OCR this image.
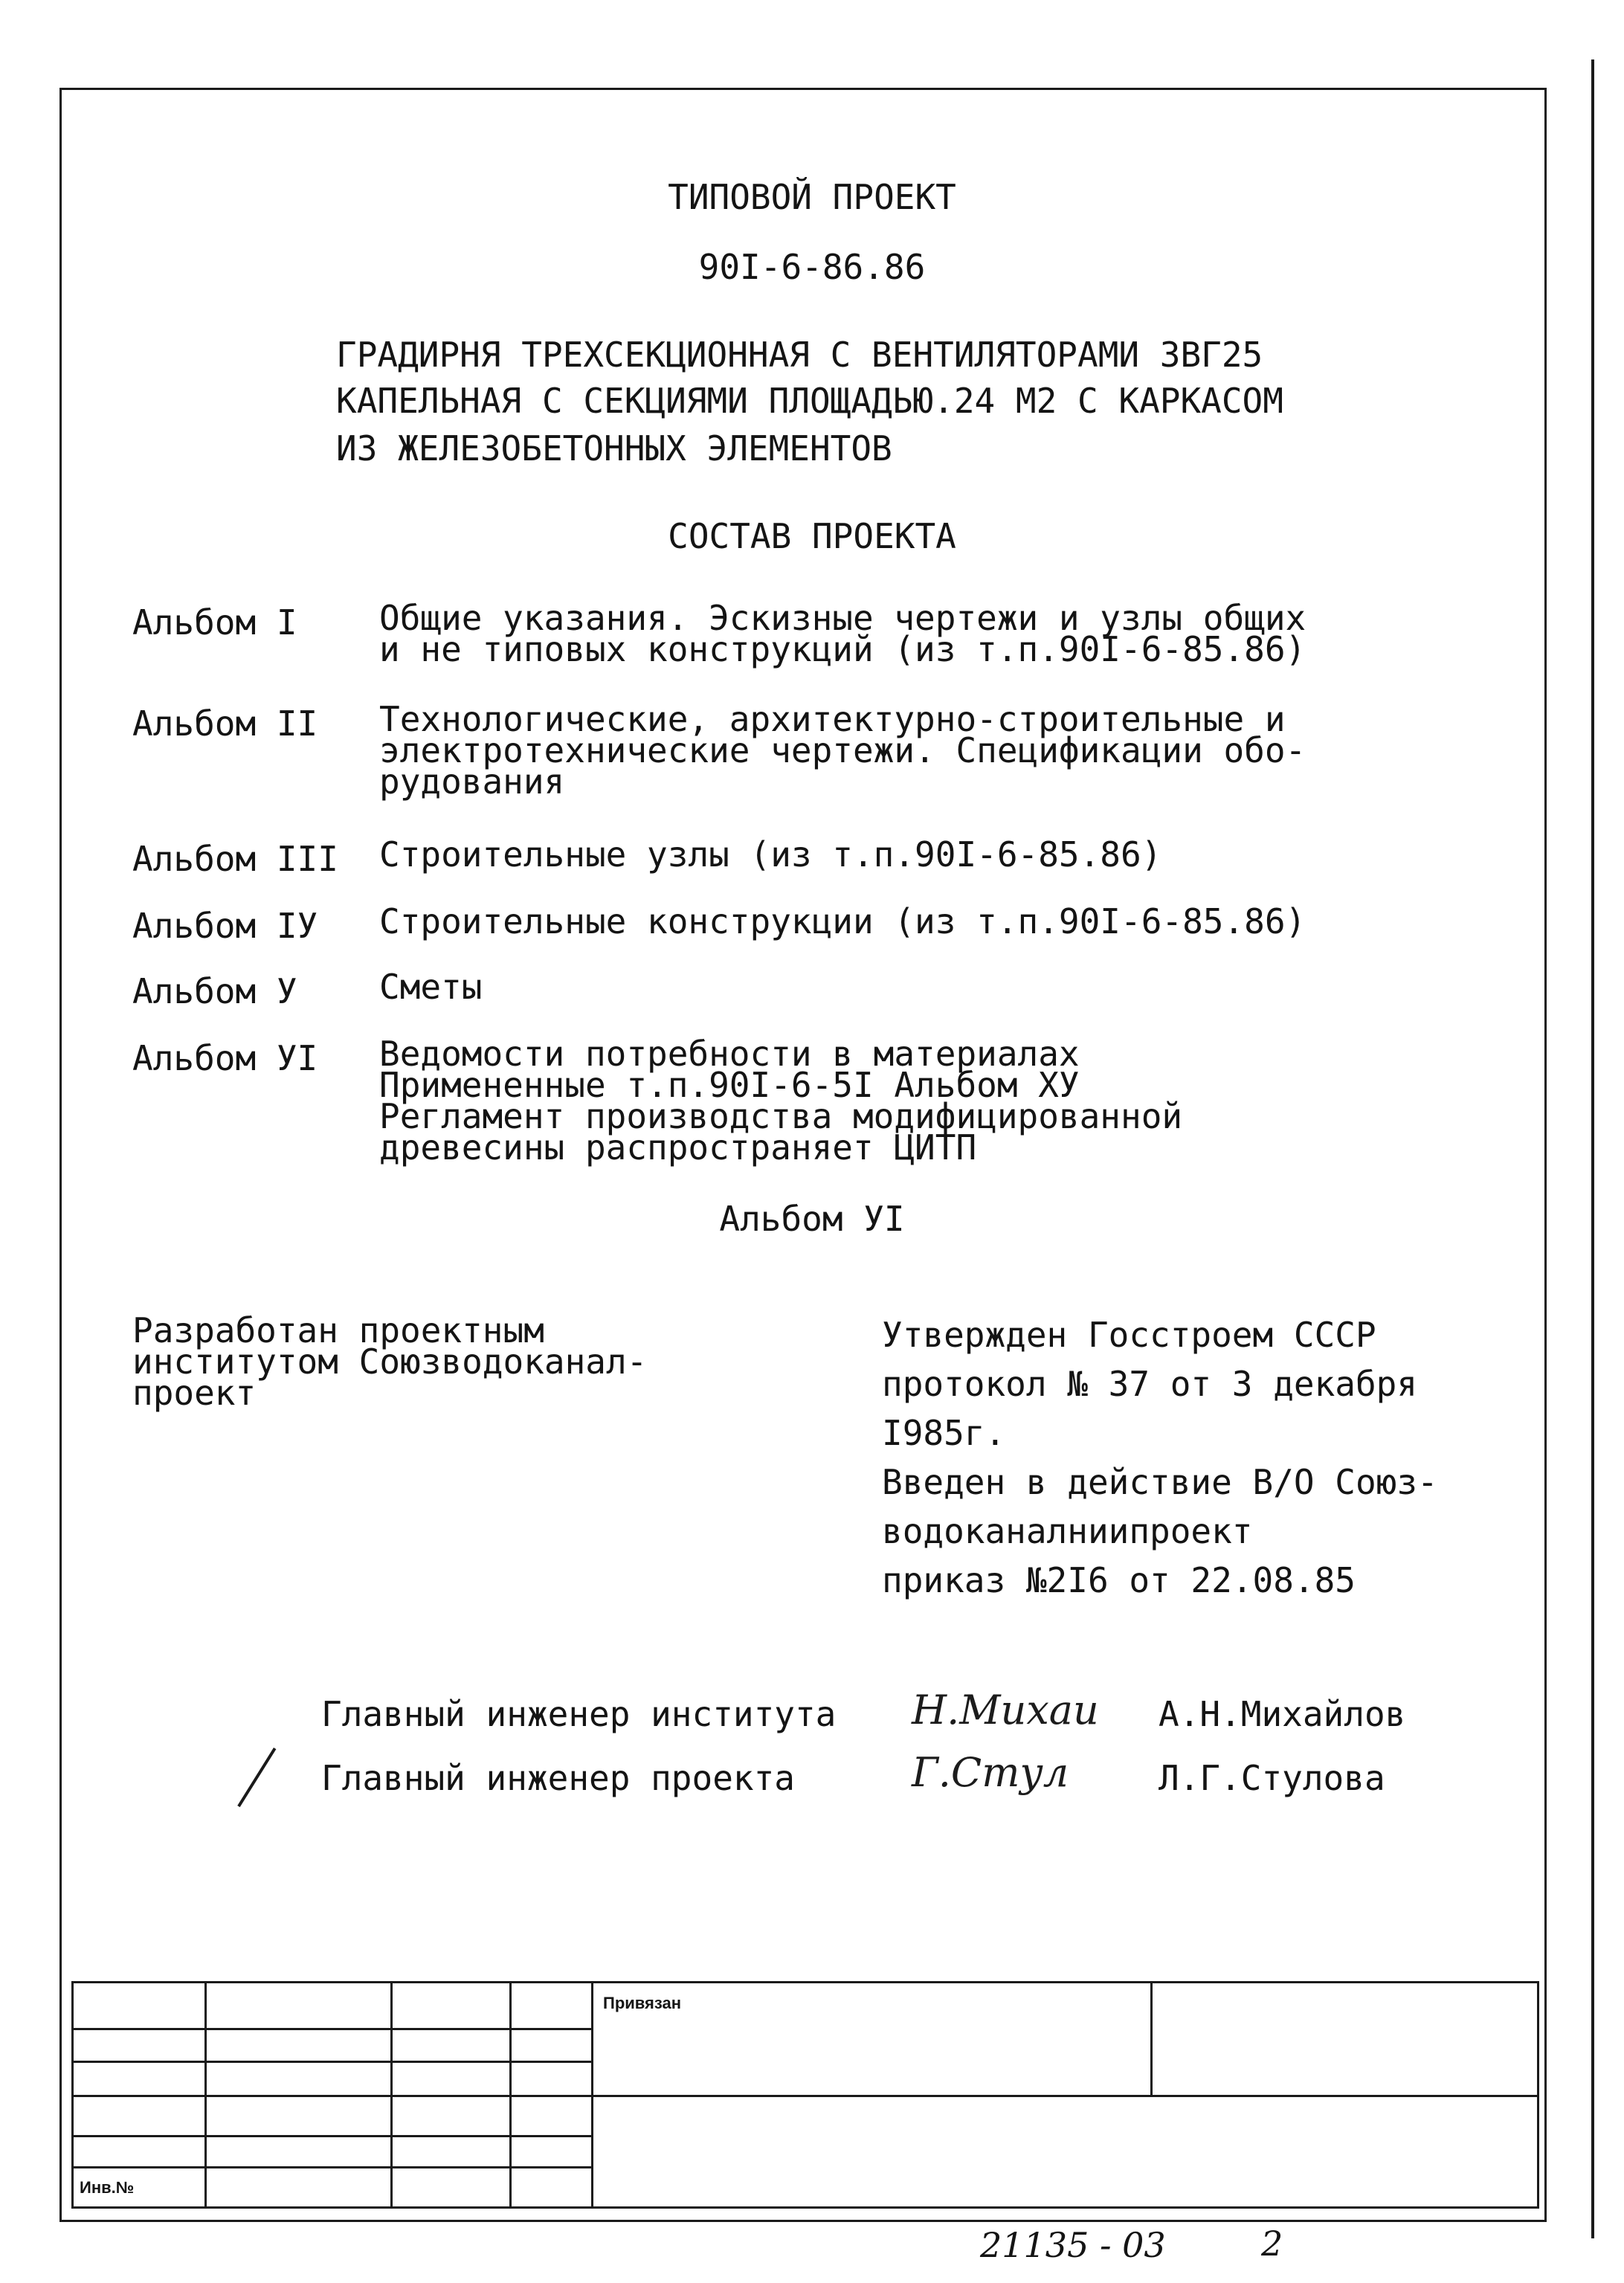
ТИПОВОЙ ПРОЕКТ
90I-6-86.86
ГРАДИРНЯ ТРЕХСЕКЦИОННАЯ С ВЕНТИЛЯТОРАМИ ЗВГ25
КАПЕЛЬНАЯ С СЕКЦИЯМИ ПЛОЩАДЬЮ.24 М2 С КАРКАСОМ
ИЗ ЖЕЛЕЗОБЕТОННЫХ ЭЛЕМЕНТОВ
СОСТАВ ПРОЕКТА
Альбом I Общие указания. Эскизные чертежи и узлы общих
и не типовых конструкций (из т.п.90I-6-85.86)
Альбом II Технологические, архитектурно-строительные и
электротехнические чертежи. Спецификации обо-
рудования
Альбом III Строительные узлы (из т.п.90I-6-85.86)
Альбом IУ Строительные конструкции (из т.п.90I-6-85.86)
Альбом У Сметы
Альбом УI Ведомости потребности в материалах
Примененные т.п.90I-6-5I Альбом ХУ
Регламент производства модифицированной
древесины распространяет ЦИТП
Альбом УI
Разработан проектным
институтом Союзводоканал-
проект
Утвержден Госстроем СССР
протокол № 37 от 3 декабря
I985г.
Введен в действие В/О Союз-
водоканалниипроект
приказ №2I6 от 22.08.85
Главный инженер института Н.Михаи А.Н.Михайлов
Главный инженер проекта	Г.Стул	Л.Г.Стулова
Привязан
Инв.№
21135 - 03	2
